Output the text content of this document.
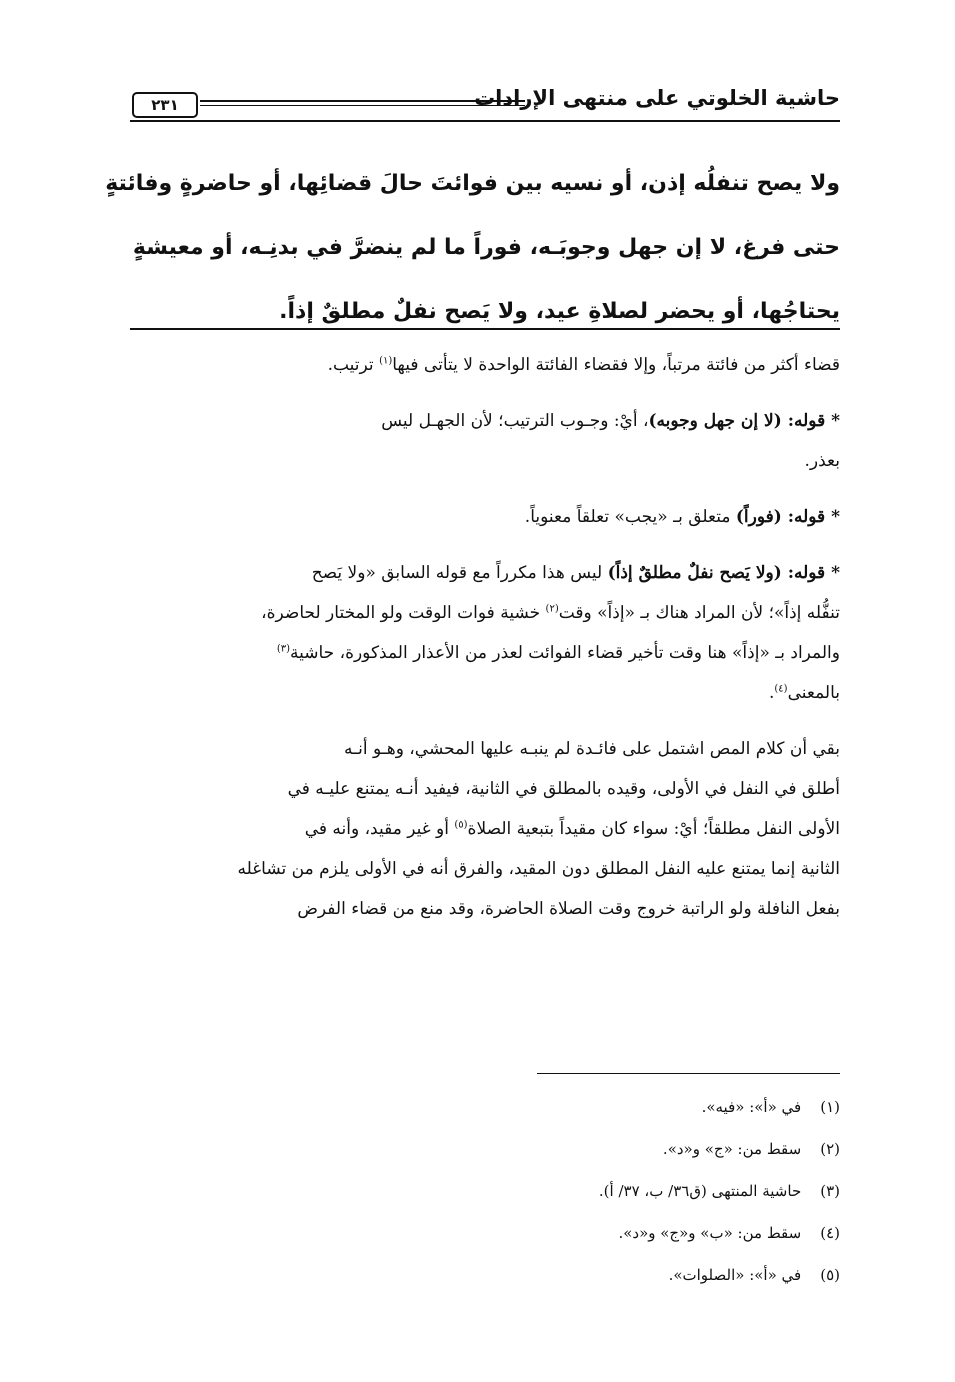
حاشية الخلوتي على منتهى الإرادات
٢٣١
ولا يصح تنفلُه إذن، أو نسيه بين فوائتَ حالَ قضائِها، أو حاضرةٍ وفائتةٍ
حتى فرغ، لا إن جهل وجوبَـه، فوراً ما لم ينضرَّ في بدنِـه، أو معيشةٍ
يحتاجُها، أو يحضر لصلاةِ عيد، ولا يَصح نفلٌ مطلقٌ إذاً.
قضاء أكثر من فائتة مرتباً، وإلا فقضاء الفائتة الواحدة لا يتأتى فيها$^{(١)}$ ترتيب.
* قوله: (لا إن جهل وجوبه)، أيْ: وجـوب الترتيب؛ لأن الجهـل ليس
بعذر.
* قوله: (فوراً) متعلق بـ «يجب» تعلقاً معنوياً.
* قوله: (ولا يَصح نفلٌ مطلقٌ إذاً) ليس هذا مكرراً مع قوله السابق «ولا يَصح
تنفُّله إذاً»؛ لأن المراد هناك بـ «إذاً» وقت$^{(٢)}$ خشية فوات الوقت ولو المختار لحاضرة،
والمراد بـ «إذاً» هنا وقت تأخير قضاء الفوائت لعذر من الأعذار المذكورة، حاشية$^{(٣)}$
بالمعنى$^{(٤)}$.
بقي أن كلام المص اشتمل على فائـدة لم ينبـه عليها المحشي، وهـو أنـه
أطلق في النفل في الأولى، وقيده بالمطلق في الثانية، فيفيد أنـه يمتنع عليـه في
الأولى النفل مطلقاً؛ أيْ: سواء كان مقيداً بتبعية الصلاة$^{(٥)}$ أو غير مقيد، وأنه في
الثانية إنما يمتنع عليه النفل المطلق دون المقيد، والفرق أنه في الأولى يلزم من تشاغله
بفعل النافلة ولو الراتبة خروج وقت الصلاة الحاضرة، وقد منع من قضاء الفرض
(١) في «أ»: «فيه».
(٢) سقط من: «ج» و«د».
(٣) حاشية المنتهى (ق٣٦/ ب، ٣٧/ أ).
(٤) سقط من: «ب» و«ج» و«د».
(٥) في «أ»: «الصلوات».
